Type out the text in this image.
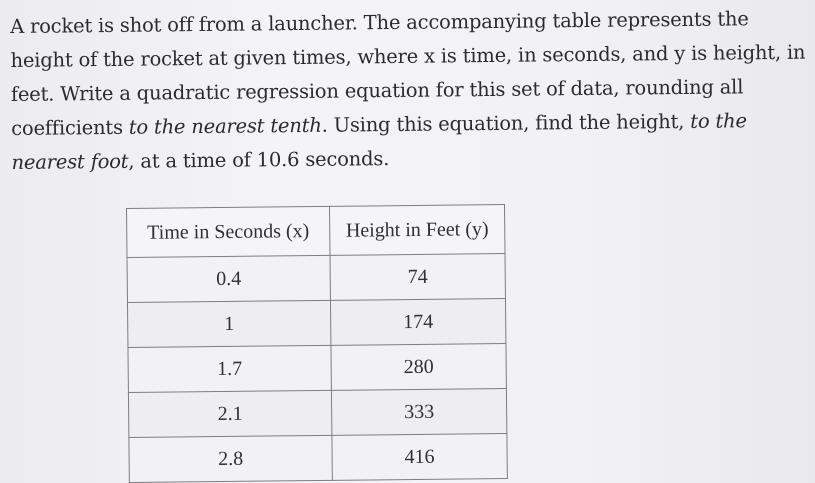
A rocket is shot off from a launcher. The accompanying table represents the height of the rocket at given times, where x is time, in seconds, and y is height, in feet. Write a quadratic regression equation for this set of data, rounding all coefficients to the nearest tenth. Using this equation, find the height, to the nearest foot, at a time of 10.6 seconds.
Time in Seconds (x)	Height in Feet (y)
0.4	74
1	174
1.7	280
2.1	333
2.8	416
